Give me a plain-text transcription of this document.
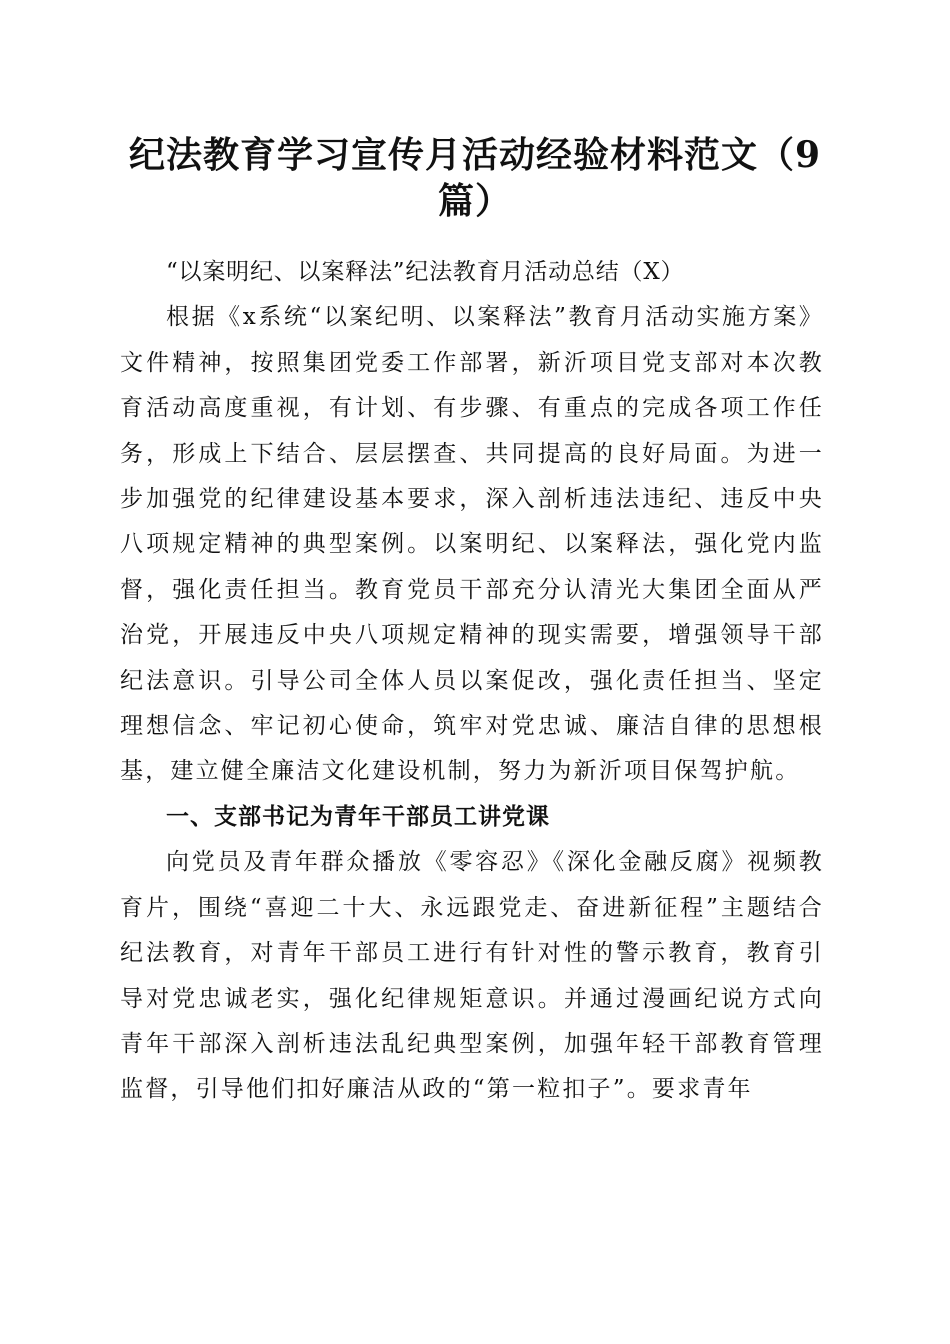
纪法教育学习宣传月活动经验材料范文（9篇）

“以案明纪、以案释法”纪法教育月活动总结（X）

根据《x系统“以案纪明、以案释法”教育月活动实施方案》文件精神，按照集团党委工作部署，新沂项目党支部对本次教育活动高度重视，有计划、有步骤、有重点的完成各项工作任务，形成上下结合、层层摆查、共同提高的良好局面。为进一步加强党的纪律建设基本要求，深入剖析违法违纪、违反中央八项规定精神的典型案例。以案明纪、以案释法，强化党内监督，强化责任担当。教育党员干部充分认清光大集团全面从严治党，开展违反中央八项规定精神的现实需要，增强领导干部纪法意识。引导公司全体人员以案促改，强化责任担当、坚定理想信念、牢记初心使命，筑牢对党忠诚、廉洁自律的思想根基，建立健全廉洁文化建设机制，努力为新沂项目保驾护航。

一、支部书记为青年干部员工讲党课

向党员及青年群众播放《零容忍》《深化金融反腐》视频教育片，围绕“喜迎二十大、永远跟党走、奋进新征程”主题结合纪法教育，对青年干部员工进行有针对性的警示教育，教育引导对党忠诚老实，强化纪律规矩意识。并通过漫画纪说方式向青年干部深入剖析违法乱纪典型案例，加强年轻干部教育管理监督，引导他们扣好廉洁从政的“第一粒扣子”。要求青年
